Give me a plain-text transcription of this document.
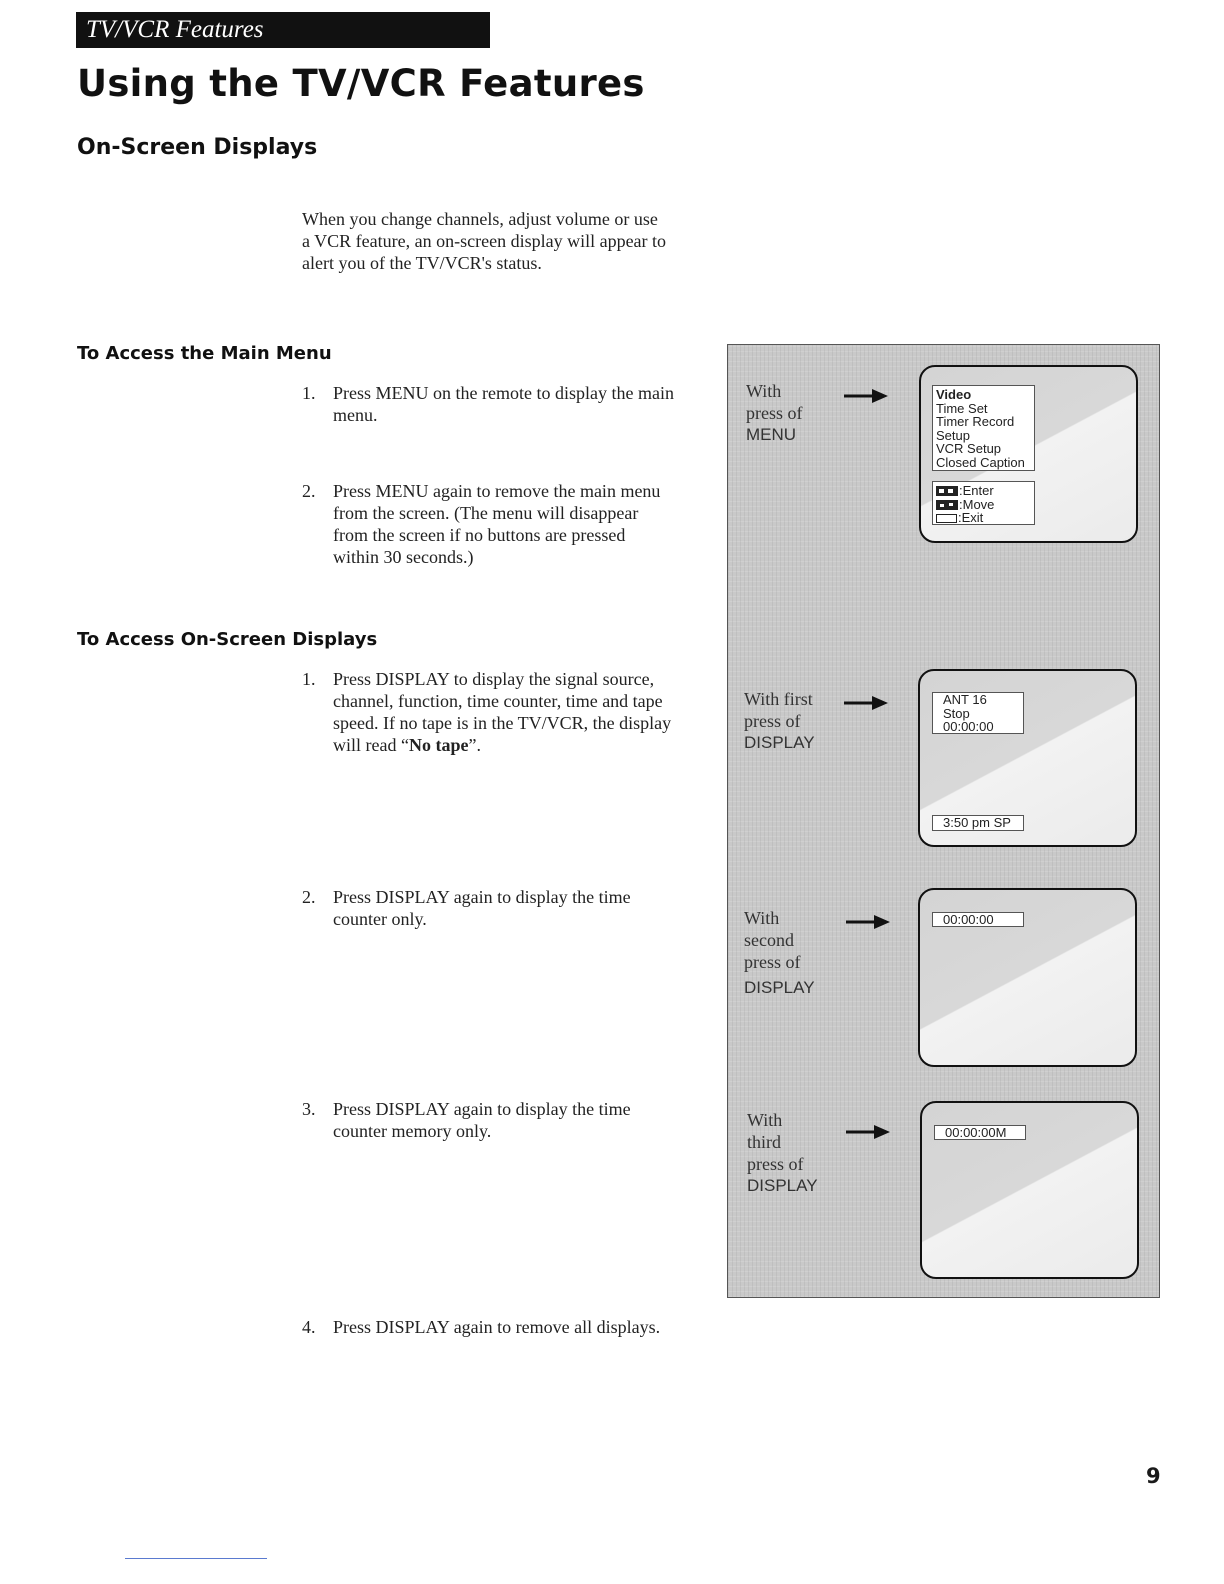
TV/VCR Features
Using the TV/VCR Features
On-Screen Displays
When you change channels, adjust volume or use
a VCR feature, an on-screen display will appear to
alert you of the TV/VCR's status.
To Access the Main Menu
1. Press MENU on the remote to display the main
menu.
2. Press MENU again to remove the main menu
from the screen. (The menu will disappear
from the screen if no buttons are pressed
within 30 seconds.)
To Access On-Screen Displays
1. Press DISPLAY to display the signal source,
channel, function, time counter, time and tape
speed. If no tape is in the TV/VCR, the display
will read “No tape”.
2. Press DISPLAY again to display the time
counter only.
3. Press DISPLAY again to display the time
counter memory only.
4. Press DISPLAY again to remove all displays.
With
press of
MENU
Video
Time Set
Timer Record
Setup
VCR Setup
Closed Caption
:Enter
:Move
:Exit
With first
press of
DISPLAY
ANT 16
Stop
00:00:00
3:50 pm SP
With
second
press of
DISPLAY
00:00:00
With
third
press of
DISPLAY
00:00:00M
9
